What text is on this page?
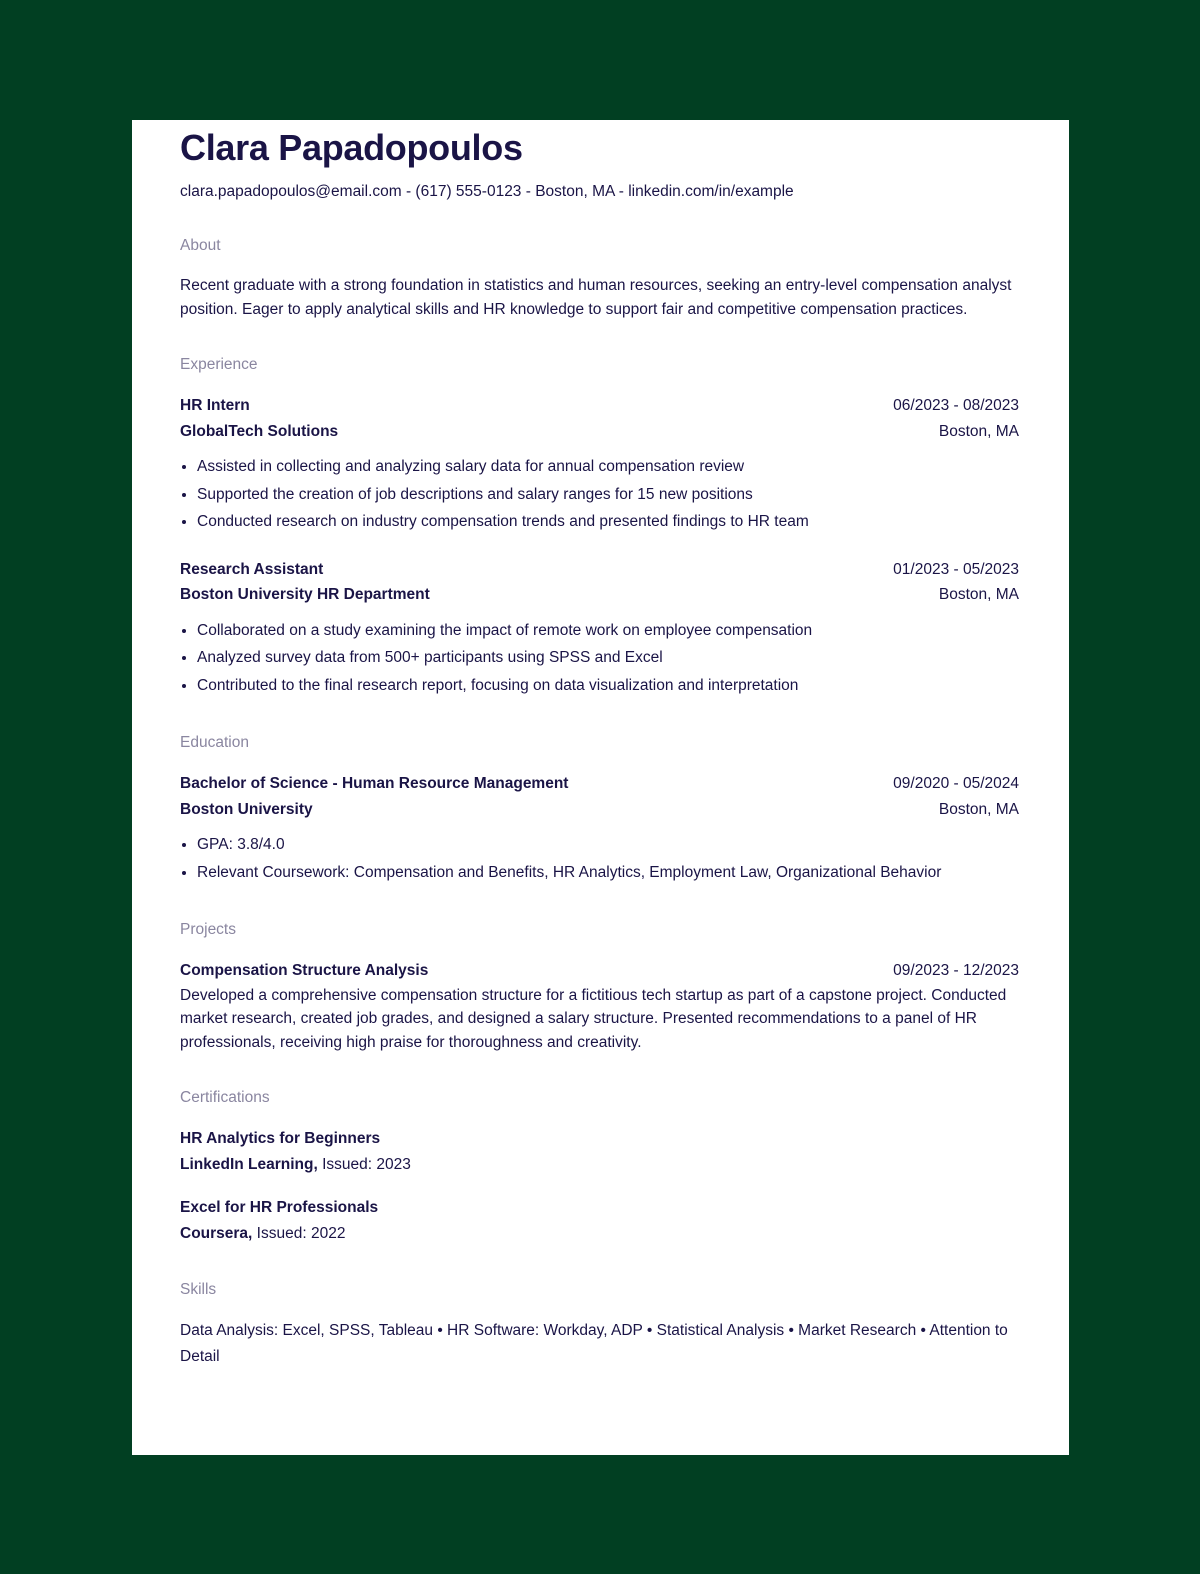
Clara Papadopoulos
clara.papadopoulos@email.com - (617) 555-0123 - Boston, MA - linkedin.com/in/example
About
Recent graduate with a strong foundation in statistics and human resources, seeking an entry-level compensation analyst position. Eager to apply analytical skills and HR knowledge to support fair and competitive compensation practices.
Experience
HR Intern	06/2023 - 08/2023
GlobalTech Solutions	Boston, MA
• Assisted in collecting and analyzing salary data for annual compensation review
• Supported the creation of job descriptions and salary ranges for 15 new positions
• Conducted research on industry compensation trends and presented findings to HR team
Research Assistant	01/2023 - 05/2023
Boston University HR Department	Boston, MA
• Collaborated on a study examining the impact of remote work on employee compensation
• Analyzed survey data from 500+ participants using SPSS and Excel
• Contributed to the final research report, focusing on data visualization and interpretation
Education
Bachelor of Science - Human Resource Management	09/2020 - 05/2024
Boston University	Boston, MA
• GPA: 3.8/4.0
• Relevant Coursework: Compensation and Benefits, HR Analytics, Employment Law, Organizational Behavior
Projects
Compensation Structure Analysis	09/2023 - 12/2023
Developed a comprehensive compensation structure for a fictitious tech startup as part of a capstone project. Conducted market research, created job grades, and designed a salary structure. Presented recommendations to a panel of HR professionals, receiving high praise for thoroughness and creativity.
Certifications
HR Analytics for Beginners
LinkedIn Learning, Issued: 2023
Excel for HR Professionals
Coursera, Issued: 2022
Skills
Data Analysis: Excel, SPSS, Tableau • HR Software: Workday, ADP • Statistical Analysis • Market Research • Attention to Detail
